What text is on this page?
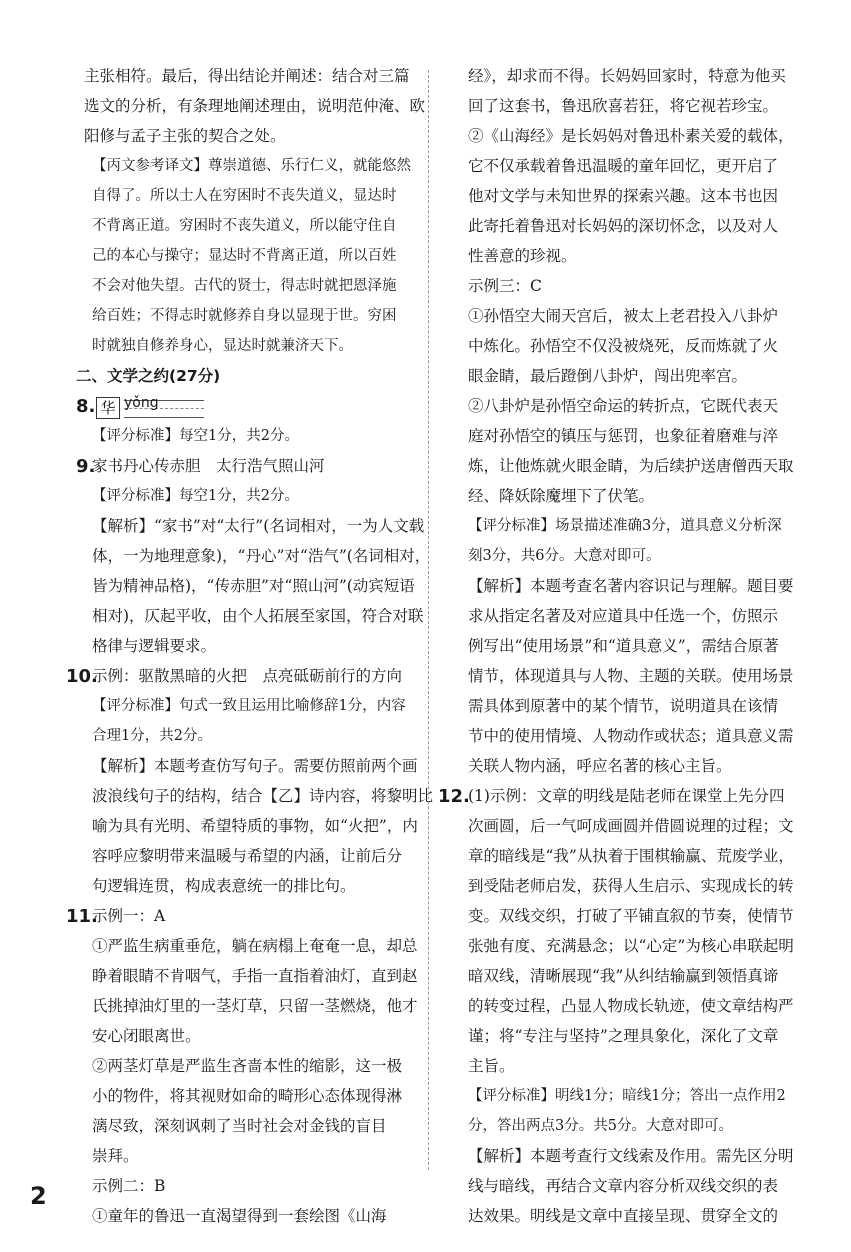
主张相符。最后，得出结论并阐述：结合对三篇
选文的分析，有条理地阐述理由，说明范仲淹、欧
阳修与孟子主张的契合之处。
【丙文参考译文】尊崇道德、乐行仁义，就能悠然
自得了。所以士人在穷困时不丧失道义，显达时
不背离正道。穷困时不丧失道义，所以能守住自
己的本心与操守；显达时不背离正道，所以百姓
不会对他失望。古代的贤士，得志时就把恩泽施
给百姓；不得志时就修养自身以显现于世。穷困
时就独自修养身心，显达时就兼济天下。
二、文学之约(27分)
8. 华 yǒng
【评分标准】每空1分，共2分。
9.
家书丹心传赤胆　太行浩气照山河
【评分标准】每空1分，共2分。
【解析】“家书”对“太行”(名词相对，一为人文载
体，一为地理意象)，“丹心”对“浩气”(名词相对，
皆为精神品格)，“传赤胆”对“照山河”(动宾短语
相对)，仄起平收，由个人拓展至家国，符合对联
格律与逻辑要求。
10.
示例：驱散黑暗的火把　点亮砥砺前行的方向
【评分标准】句式一致且运用比喻修辞1分，内容
合理1分，共2分。
【解析】本题考查仿写句子。需要仿照前两个画
波浪线句子的结构，结合【乙】诗内容，将黎明比
喻为具有光明、希望特质的事物，如“火把”，内
容呼应黎明带来温暖与希望的内涵，让前后分
句逻辑连贯，构成表意统一的排比句。
11.
示例一：A
①严监生病重垂危，躺在病榻上奄奄一息，却总
睁着眼睛不肯咽气，手指一直指着油灯，直到赵
氏挑掉油灯里的一茎灯草，只留一茎燃烧，他才
安心闭眼离世。
②两茎灯草是严监生吝啬本性的缩影，这一极
小的物件，将其视财如命的畸形心态体现得淋
漓尽致，深刻讽刺了当时社会对金钱的盲目
崇拜。
示例二：B
①童年的鲁迅一直渴望得到一套绘图《山海
经》，却求而不得。长妈妈回家时，特意为他买
回了这套书，鲁迅欣喜若狂，将它视若珍宝。
②《山海经》是长妈妈对鲁迅朴素关爱的载体，
它不仅承载着鲁迅温暖的童年回忆，更开启了
他对文学与未知世界的探索兴趣。这本书也因
此寄托着鲁迅对长妈妈的深切怀念，以及对人
性善意的珍视。
示例三：C
①孙悟空大闹天宫后，被太上老君投入八卦炉
中炼化。孙悟空不仅没被烧死，反而炼就了火
眼金睛，最后蹬倒八卦炉，闯出兜率宫。
②八卦炉是孙悟空命运的转折点，它既代表天
庭对孙悟空的镇压与惩罚，也象征着磨难与淬
炼，让他炼就火眼金睛，为后续护送唐僧西天取
经、降妖除魔埋下了伏笔。
【评分标准】场景描述准确3分，道具意义分析深
刻3分，共6分。大意对即可。
【解析】本题考查名著内容识记与理解。题目要
求从指定名著及对应道具中任选一个，仿照示
例写出“使用场景”和“道具意义”，需结合原著
情节，体现道具与人物、主题的关联。使用场景
需具体到原著中的某个情节，说明道具在该情
节中的使用情境、人物动作或状态；道具意义需
关联人物内涵，呼应名著的核心主旨。
12.
(1)示例：文章的明线是陆老师在课堂上先分四
次画圆，后一气呵成画圆并借圆说理的过程；文
章的暗线是“我”从执着于围棋输赢、荒废学业，
到受陆老师启发，获得人生启示、实现成长的转
变。双线交织，打破了平铺直叙的节奏，使情节
张弛有度、充满悬念；以“心定”为核心串联起明
暗双线，清晰展现“我”从纠结输赢到领悟真谛
的转变过程，凸显人物成长轨迹，使文章结构严
谨；将“专注与坚持”之理具象化，深化了文章
主旨。
【评分标准】明线1分；暗线1分；答出一点作用2
分，答出两点3分。共5分。大意对即可。
【解析】本题考查行文线索及作用。需先区分明
线与暗线，再结合文章内容分析双线交织的表
达效果。明线是文章中直接呈现、贯穿全文的
2
